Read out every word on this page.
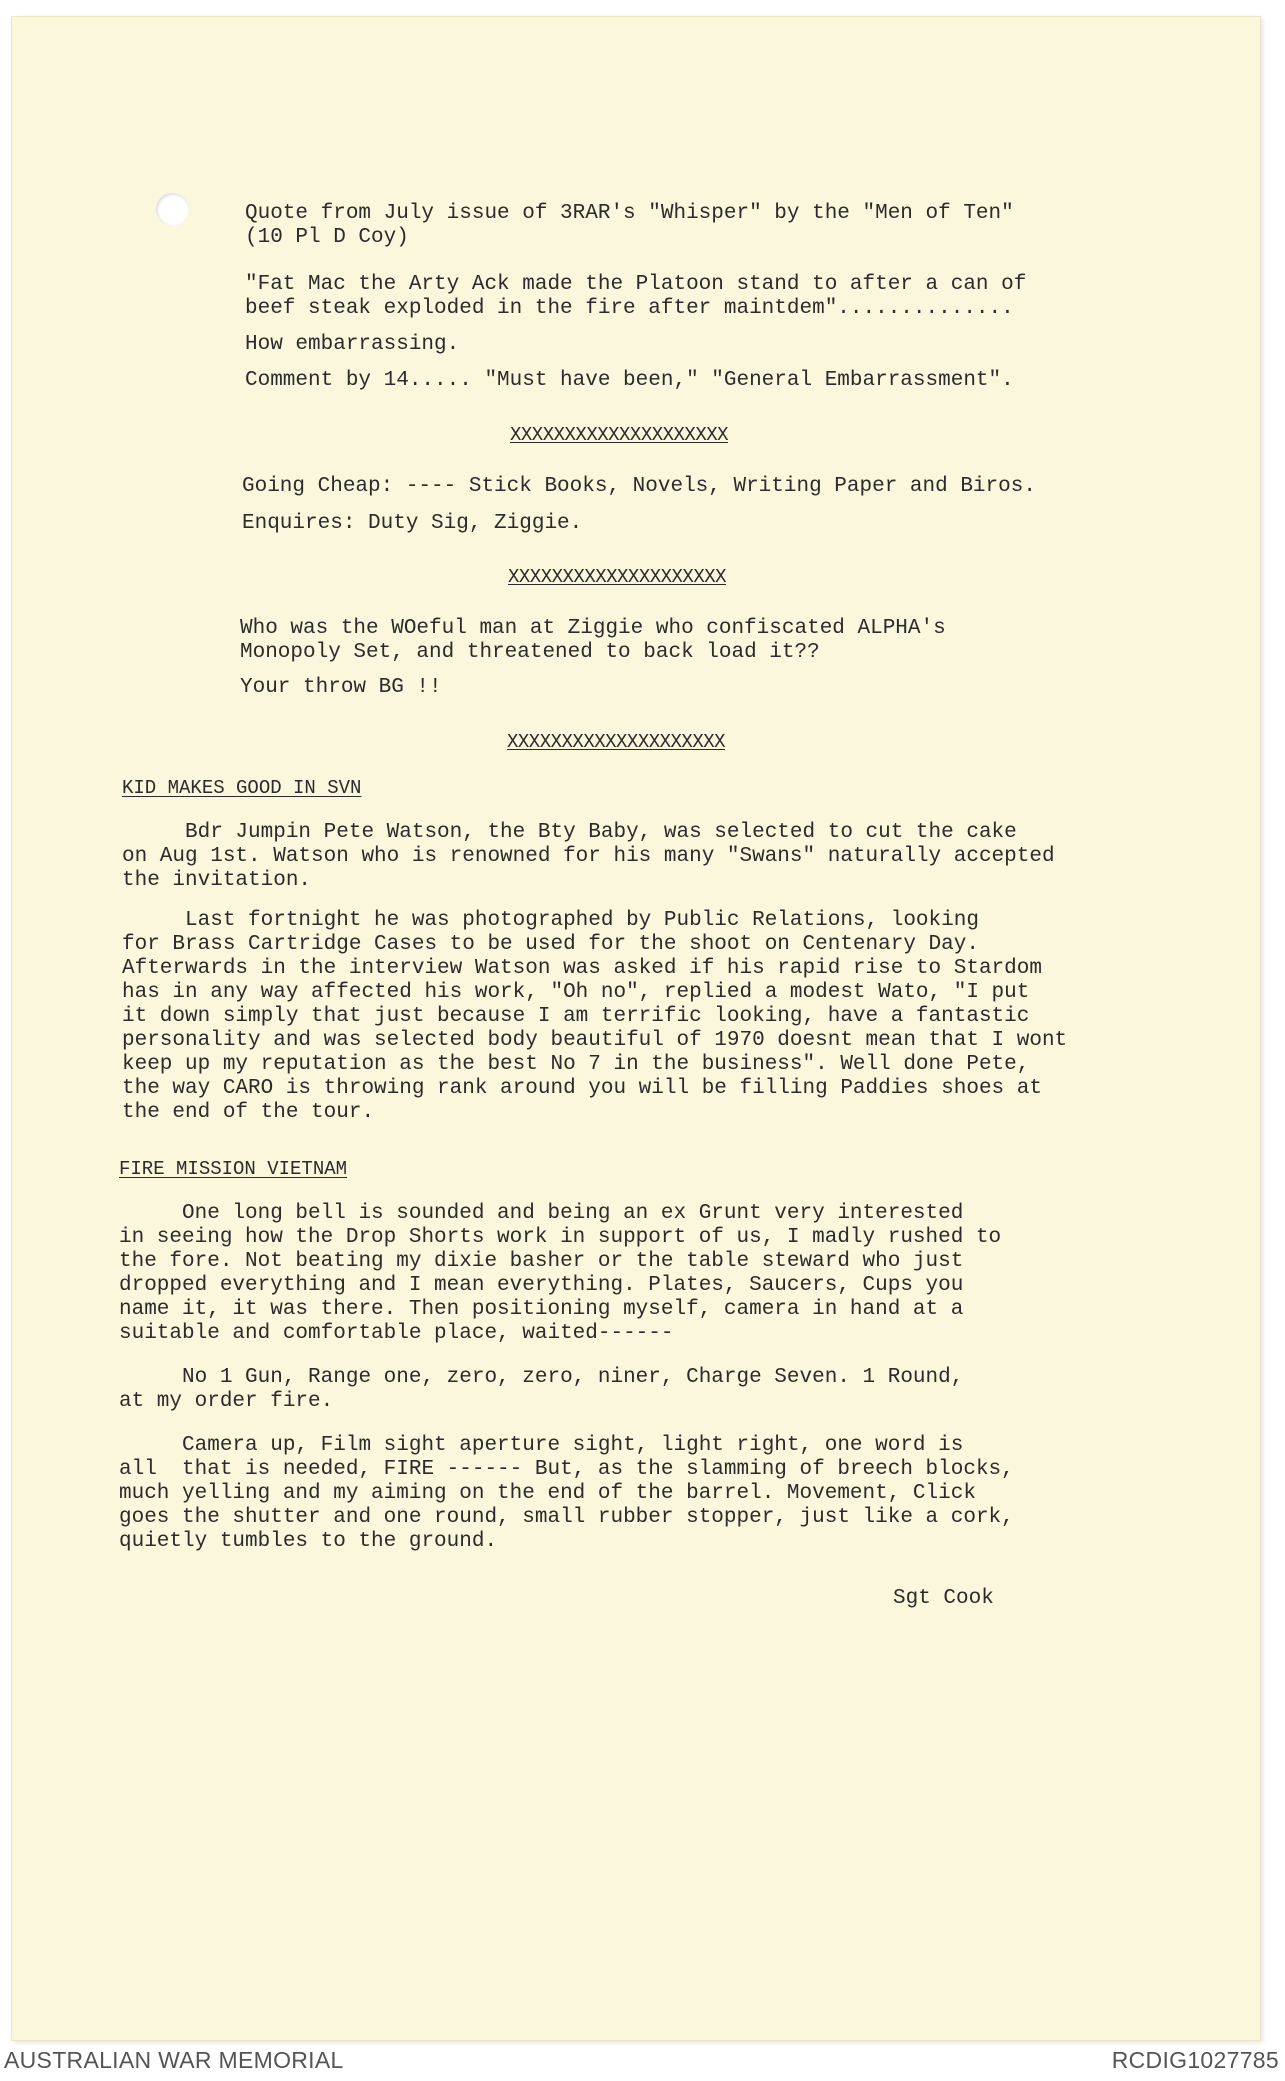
Quote from July issue of 3RAR's "Whisper" by the "Men of Ten"
(10 Pl D Coy)
"Fat Mac the Arty Ack made the Platoon stand to after a can of
beef steak exploded in the fire after maintdem"..............
How embarrassing.
Comment by 14..... "Must have been," "General Embarrassment".
XXXXXXXXXXXXXXXXXXXX
Going Cheap: ---- Stick Books, Novels, Writing Paper and Biros.
Enquires: Duty Sig, Ziggie.
XXXXXXXXXXXXXXXXXXXX
Who was the WOeful man at Ziggie who confiscated ALPHA's
Monopoly Set, and threatened to back load it??
Your throw BG !!
XXXXXXXXXXXXXXXXXXXX
KID MAKES GOOD IN SVN
Bdr Jumpin Pete Watson, the Bty Baby, was selected to cut the cake
on Aug 1st. Watson who is renowned for his many "Swans" naturally accepted
the invitation.
Last fortnight he was photographed by Public Relations, looking
for Brass Cartridge Cases to be used for the shoot on Centenary Day.
Afterwards in the interview Watson was asked if his rapid rise to Stardom
has in any way affected his work, "Oh no", replied a modest Wato, "I put
it down simply that just because I am terrific looking, have a fantastic
personality and was selected body beautiful of 1970 doesnt mean that I wont
keep up my reputation as the best No 7 in the business". Well done Pete,
the way CARO is throwing rank around you will be filling Paddies shoes at
the end of the tour.
FIRE MISSION VIETNAM
One long bell is sounded and being an ex Grunt very interested
in seeing how the Drop Shorts work in support of us, I madly rushed to
the fore. Not beating my dixie basher or the table steward who just
dropped everything and I mean everything. Plates, Saucers, Cups you
name it, it was there. Then positioning myself, camera in hand at a
suitable and comfortable place, waited------
No 1 Gun, Range one, zero, zero, niner, Charge Seven. 1 Round,
at my order fire.
Camera up, Film sight aperture sight, light right, one word is
all  that is needed, FIRE ------ But, as the slamming of breech blocks,
much yelling and my aiming on the end of the barrel. Movement, Click
goes the shutter and one round, small rubber stopper, just like a cork,
quietly tumbles to the ground.
Sgt Cook
AUSTRALIAN WAR MEMORIAL	RCDIG1027785
